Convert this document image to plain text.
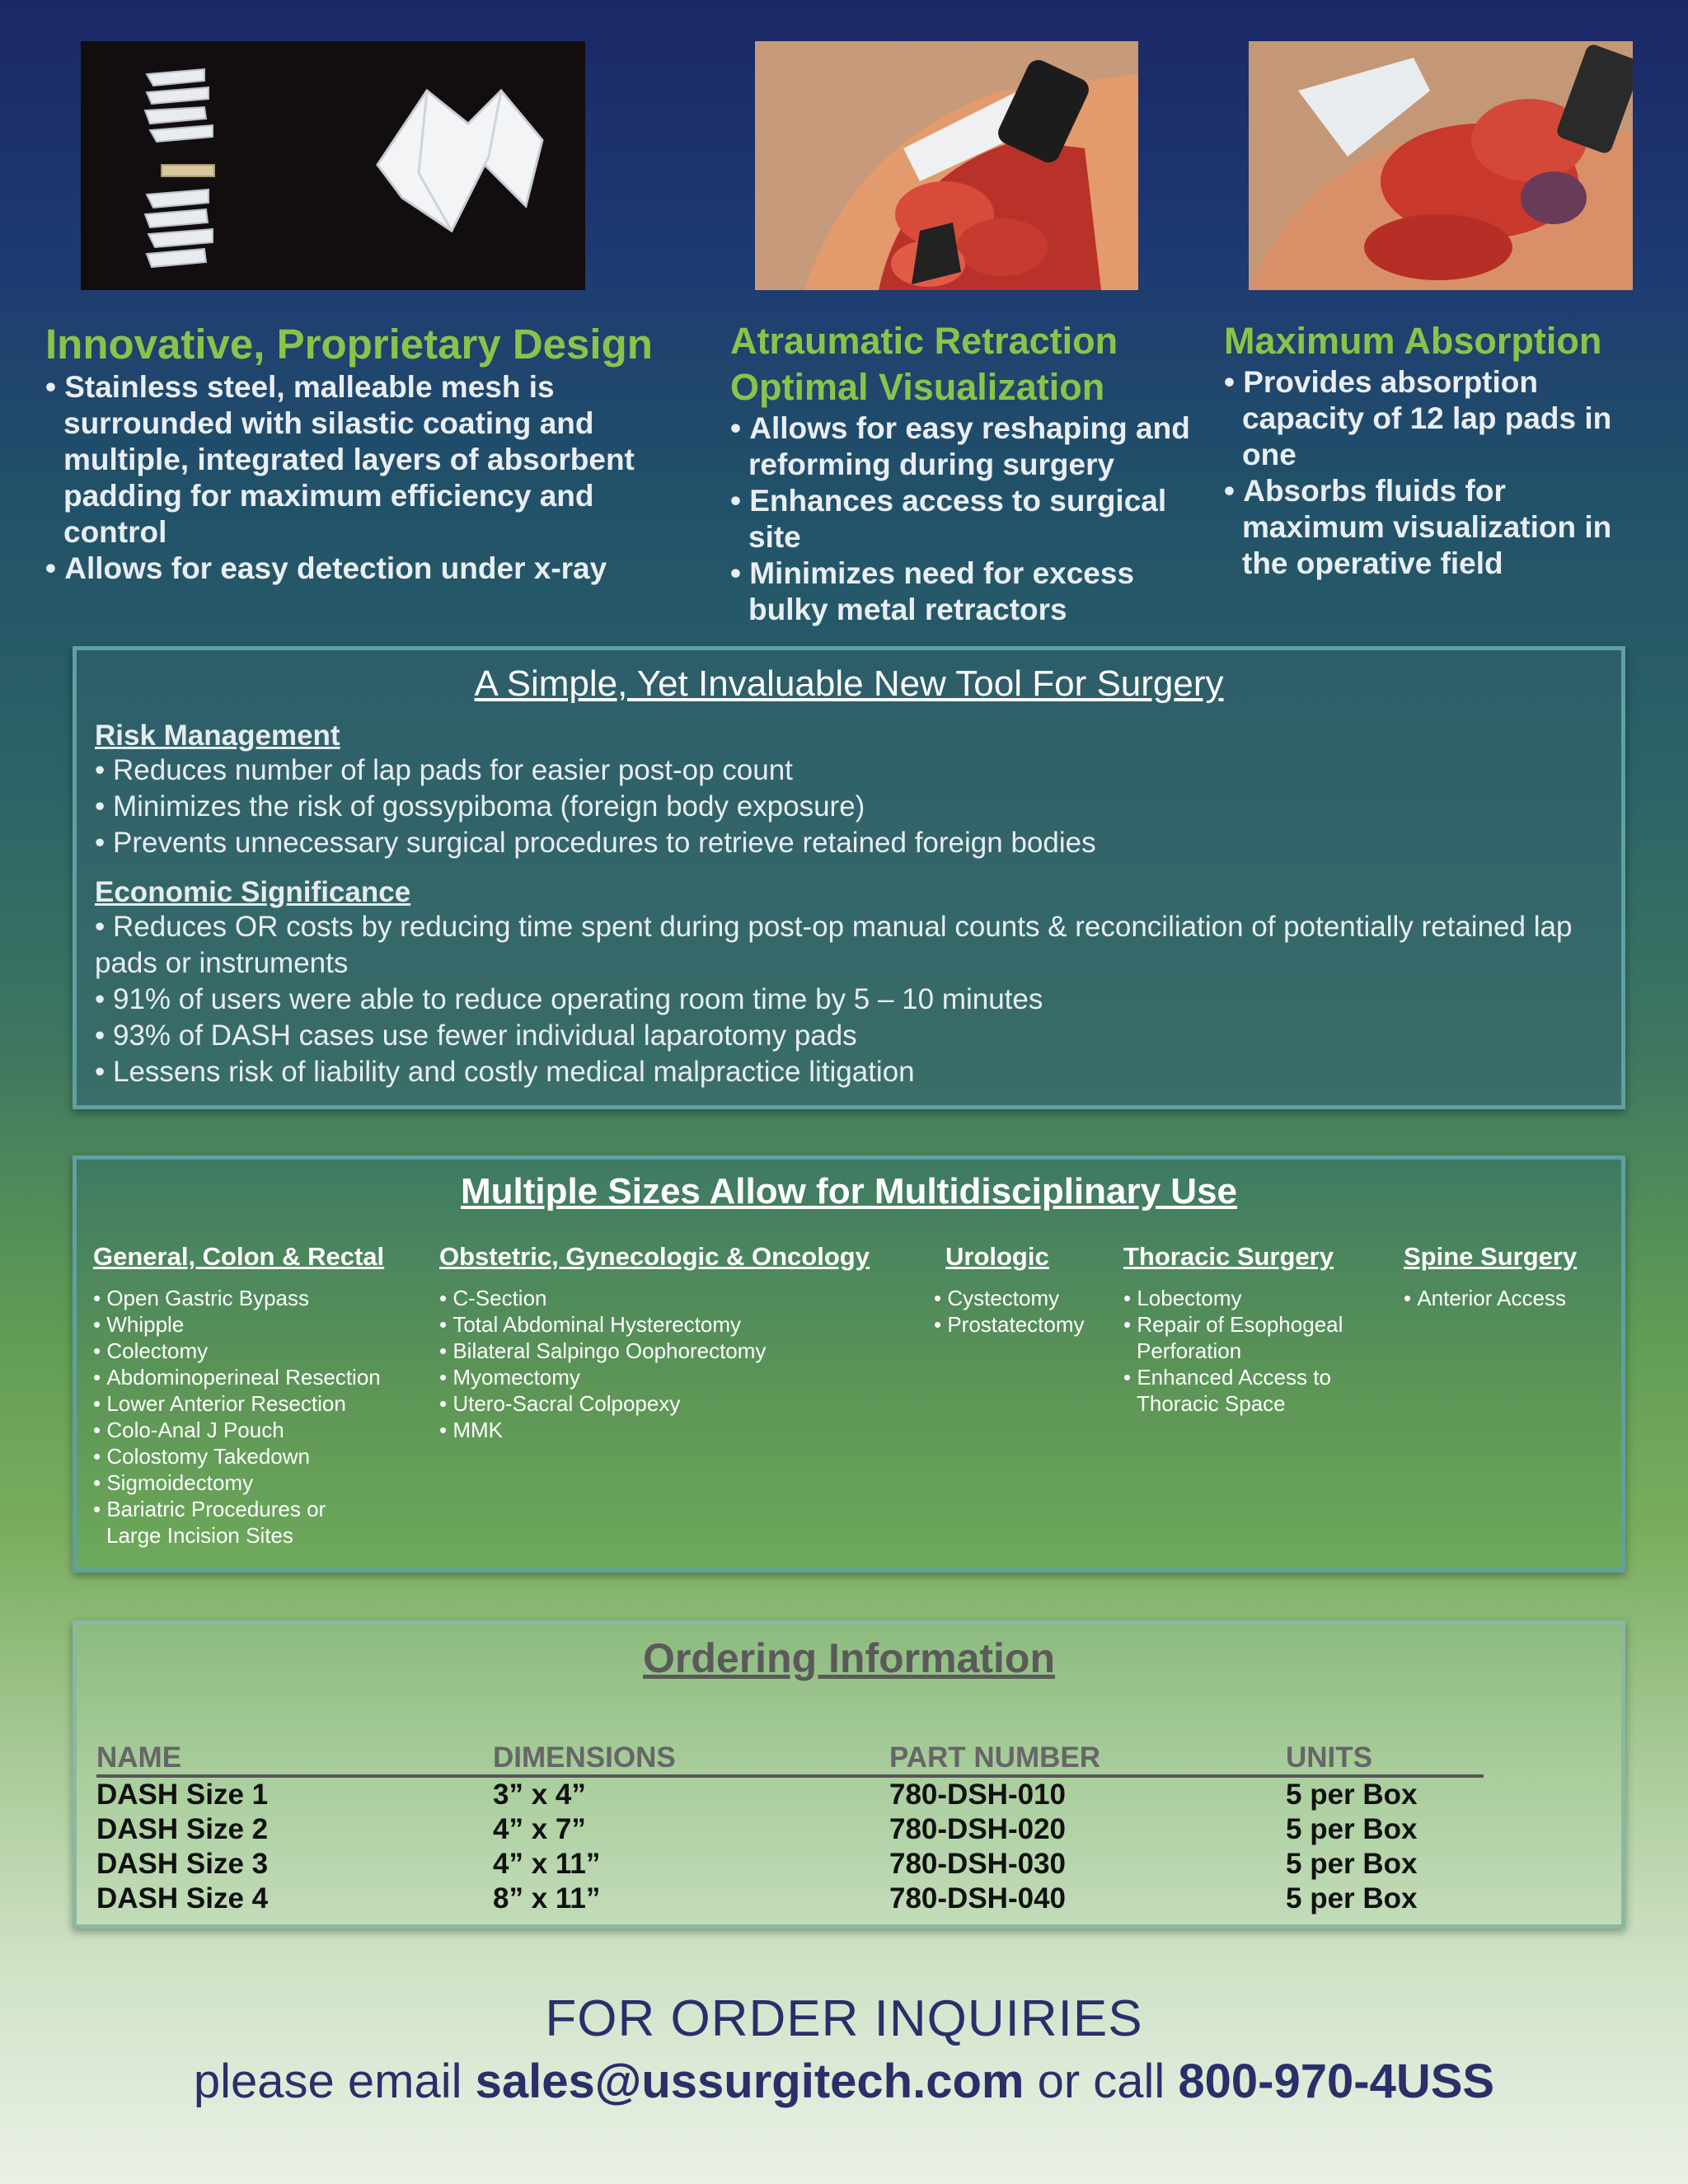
Innovative, Proprietary Design
• Stainless steel, malleable mesh is surrounded with silastic coating and multiple, integrated layers of absorbent padding for maximum efficiency and control
• Allows for easy detection under x-ray
Atraumatic Retraction
Optimal Visualization
• Allows for easy reshaping and reforming during surgery
• Enhances access to surgical site
• Minimizes need for excess bulky metal retractors
Maximum Absorption
• Provides absorption capacity of 12 lap pads in one
• Absorbs fluids for maximum visualization in the operative field
A Simple, Yet Invaluable New Tool For Surgery
Risk Management
• Reduces number of lap pads for easier post-op count
• Minimizes the risk of gossypiboma (foreign body exposure)
• Prevents unnecessary surgical procedures to retrieve retained foreign bodies
Economic Significance
• Reduces OR costs by reducing time spent during post-op manual counts & reconciliation of potentially retained lap pads or instruments
• 91% of users were able to reduce operating room time by 5 – 10 minutes
• 93% of DASH cases use fewer individual laparotomy pads
• Lessens risk of liability and costly medical malpractice litigation
Multiple Sizes Allow for Multidisciplinary Use
General, Colon & Rectal
• Open Gastric Bypass
• Whipple
• Colectomy
• Abdominoperineal Resection
• Lower Anterior Resection
• Colo-Anal J Pouch
• Colostomy Takedown
• Sigmoidectomy
• Bariatric Procedures or Large Incision Sites
Obstetric, Gynecologic & Oncology
• C-Section
• Total Abdominal Hysterectomy
• Bilateral Salpingo Oophorectomy
• Myomectomy
• Utero-Sacral Colpopexy
• MMK
Urologic
• Cystectomy
• Prostatectomy
Thoracic Surgery
• Lobectomy
• Repair of Esophogeal Perforation
• Enhanced Access to Thoracic Space
Spine Surgery
• Anterior Access
Ordering Information
NAME	DIMENSIONS	PART NUMBER	UNITS
DASH Size 1	3” x 4”	780-DSH-010	5 per Box
DASH Size 2	4” x 7”	780-DSH-020	5 per Box
DASH Size 3	4” x 11”	780-DSH-030	5 per Box
DASH Size 4	8” x 11”	780-DSH-040	5 per Box
FOR ORDER INQUIRIES
please email sales@ussurgitech.com or call 800-970-4USS
